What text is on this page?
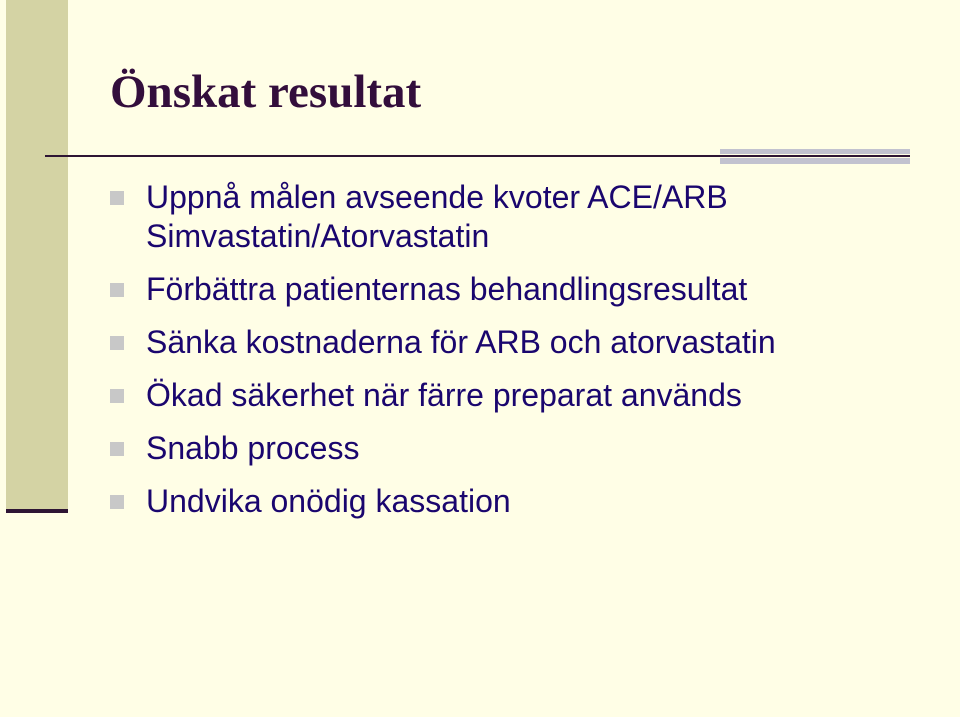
Önskat resultat
Uppnå målen avseende kvoter ACE/ARB
Simvastatin/Atorvastatin
Förbättra patienternas behandlingsresultat
Sänka kostnaderna för ARB och atorvastatin
Ökad säkerhet när färre preparat används
Snabb process
Undvika onödig kassation
